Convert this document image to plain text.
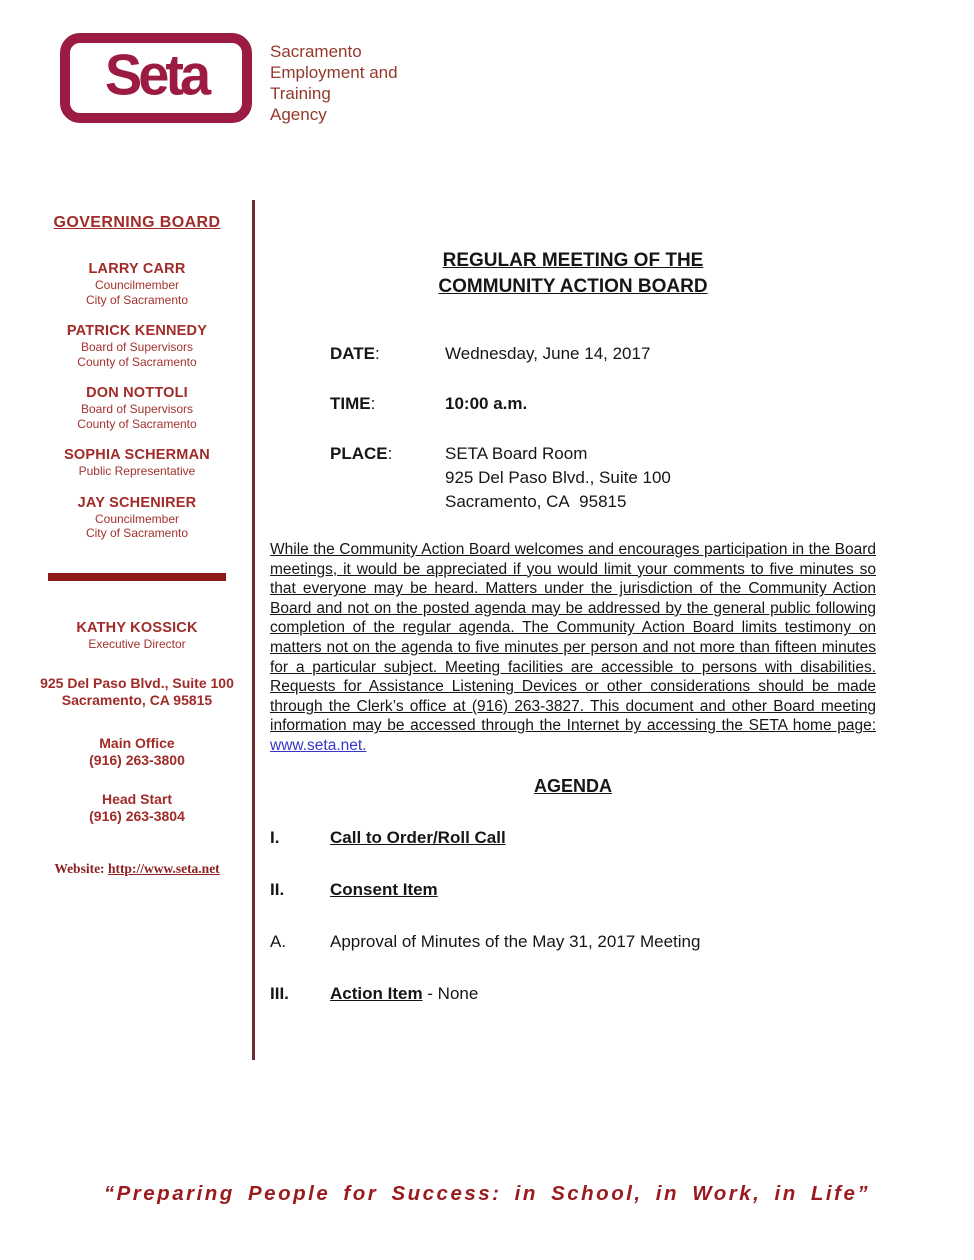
Seta	Sacramento
Employment and
Training
Agency
GOVERNING BOARD
LARRY CARR
Councilmember
City of Sacramento
PATRICK KENNEDY
Board of Supervisors
County of Sacramento
DON NOTTOLI
Board of Supervisors
County of Sacramento
SOPHIA SCHERMAN
Public Representative
JAY SCHENIRER
Councilmember
City of Sacramento
KATHY KOSSICK
Executive Director
925 Del Paso Blvd., Suite 100
Sacramento, CA 95815
Main Office
(916) 263-3800
Head Start
(916) 263-3804
Website: http://www.seta.net
REGULAR MEETING OF THE
COMMUNITY ACTION BOARD
DATE:	Wednesday, June 14, 2017
TIME:	10:00 a.m.
PLACE:	SETA Board Room
925 Del Paso Blvd., Suite 100
Sacramento, CA  95815

While the Community Action Board welcomes and encourages participation in the Board meetings, it would be appreciated if you would limit your comments to five minutes so that everyone may be heard. Matters under the jurisdiction of the Community Action Board and not on the posted agenda may be addressed by the general public following completion of the regular agenda. The Community Action Board limits testimony on matters not on the agenda to five minutes per person and not more than fifteen minutes for a particular subject. Meeting facilities are accessible to persons with disabilities. Requests for Assistance Listening Devices or other considerations should be made through the Clerk’s office at (916) 263-3827. This document and other Board meeting information may be accessed through the Internet by accessing the SETA home page: www.seta.net.

AGENDA
I.	Call to Order/Roll Call
II.	Consent Item
A.	Approval of Minutes of the May 31, 2017 Meeting
III.	Action Item - None
“Preparing People for Success: in School, in Work, in Life”
